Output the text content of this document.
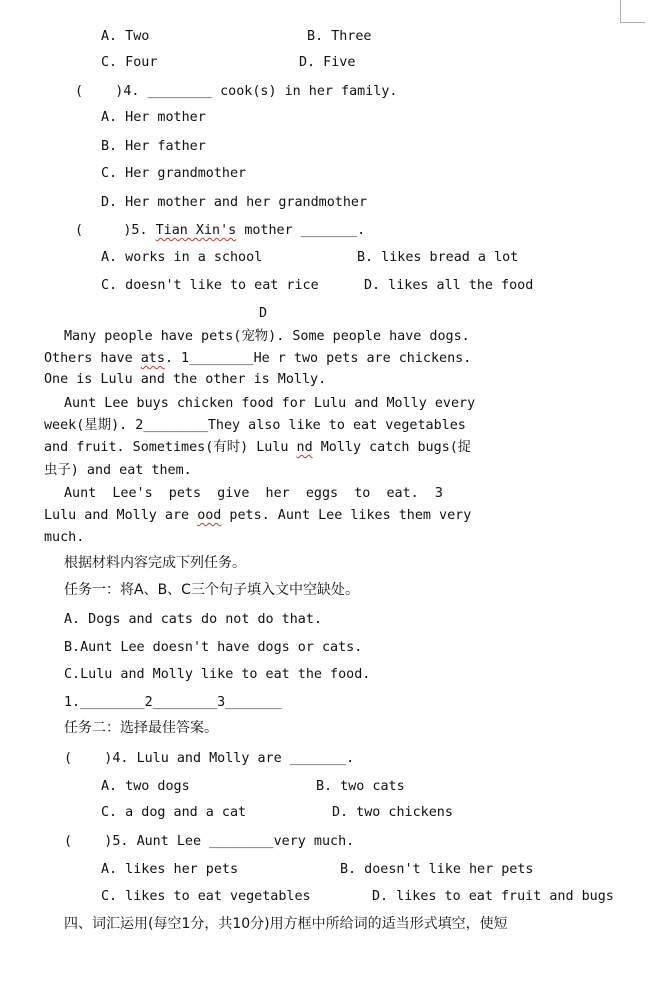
A. Two	B. Three
C. Four	D. Five
(    )4. ________ cook(s) in her family.
A. Her mother
B. Her father
C. Her grandmother
D. Her mother and her grandmother
(     )5. Tian Xin's mother _______.
A. works in a school	B. likes bread a lot
C. doesn't like to eat rice	D. likes all the food
D
Many people have pets(宠物). Some people have dogs.
Others have ats. 1________He r two pets are chickens.
One is Lulu and the other is Molly.
Aunt Lee buys chicken food for Lulu and Molly every
week(星期). 2________They also like to eat vegetables
and fruit. Sometimes(有时) Lulu nd Molly catch bugs(捉
虫子) and eat them.
Aunt  Lee's  pets  give  her  eggs  to  eat.  3
Lulu and Molly are ood pets. Aunt Lee likes them very
much.
根据材料内容完成下列任务。
任务一：将A、B、C三个句子填入文中空缺处。
A. Dogs and cats do not do that.
B.Aunt Lee doesn't have dogs or cats.
C.Lulu and Molly like to eat the food.
1.________2________3_______
任务二：选择最佳答案。
(    )4. Lulu and Molly are _______.
A. two dogs	B. two cats
C. a dog and a cat	D. two chickens
(    )5. Aunt Lee ________very much.
A. likes her pets	B. doesn't like her pets
C. likes to eat vegetables	D. likes to eat fruit and bugs
四、词汇运用(每空1分，共10分)用方框中所给词的适当形式填空，使短
